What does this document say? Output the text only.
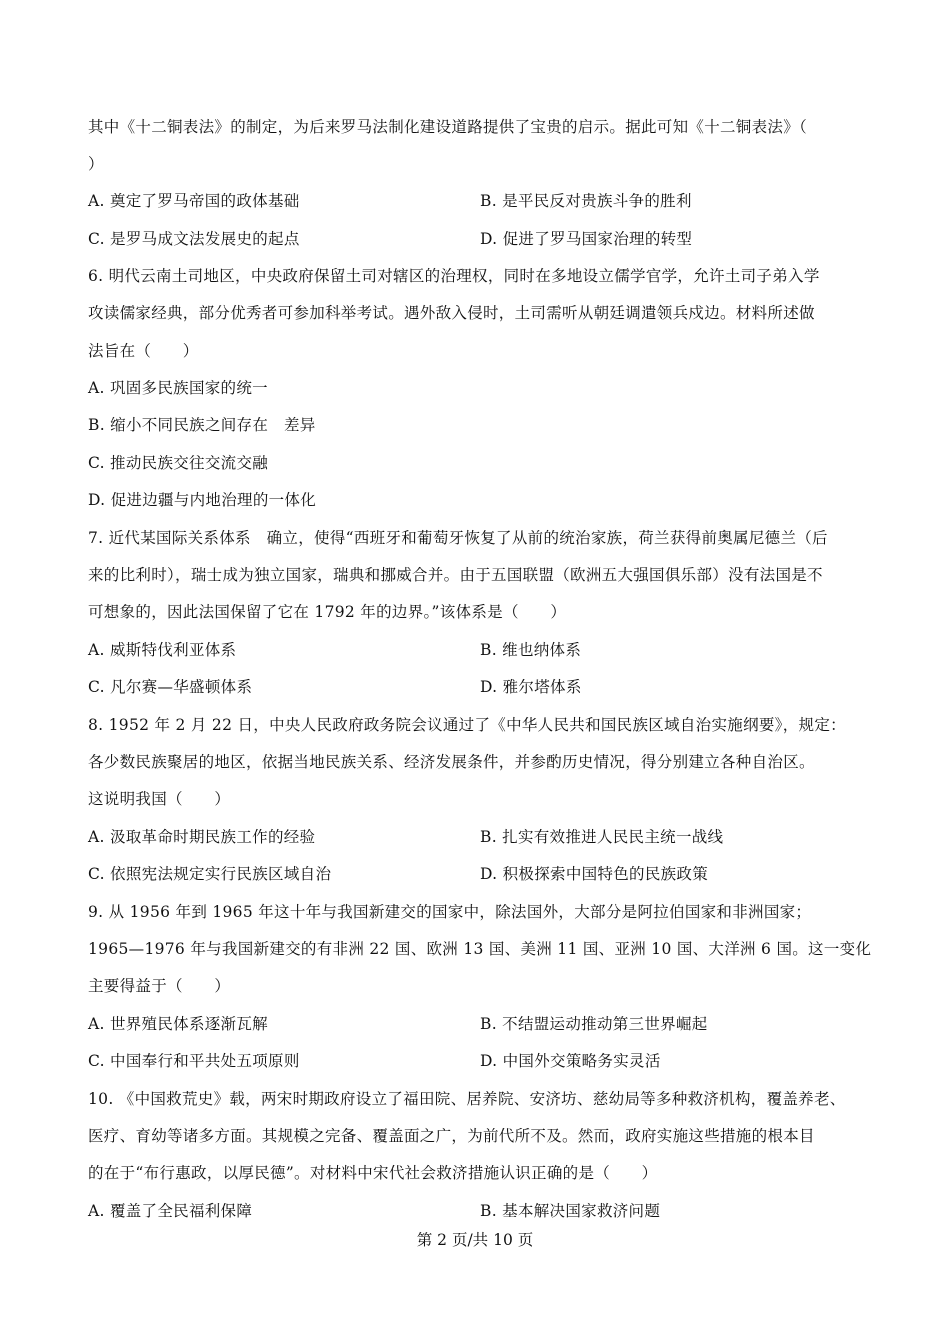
其中《十二铜表法》的制定，为后来罗马法制化建设道路提供了宝贵的启示。据此可知《十二铜表法》（
）
A. 奠定了罗马帝国的政体基础	B. 是平民反对贵族斗争的胜利
C. 是罗马成文法发展史的起点	D. 促进了罗马国家治理的转型
6. 明代云南土司地区，中央政府保留土司对辖区的治理权，同时在多地设立儒学官学，允许土司子弟入学
攻读儒家经典，部分优秀者可参加科举考试。遇外敌入侵时，土司需听从朝廷调遣领兵戍边。材料所述做
法旨在（　　）
A. 巩固多民族国家的统一
B. 缩小不同民族之间存在　差异
C. 推动民族交往交流交融
D. 促进边疆与内地治理的一体化
7. 近代某国际关系体系　确立，使得“西班牙和葡萄牙恢复了从前的统治家族，荷兰获得前奥属尼德兰（后
来的比利时），瑞士成为独立国家，瑞典和挪威合并。由于五国联盟（欧洲五大强国俱乐部）没有法国是不
可想象的，因此法国保留了它在 1792 年的边界。”该体系是（　　）
A. 威斯特伐利亚体系	B. 维也纳体系
C. 凡尔赛—华盛顿体系	D. 雅尔塔体系
8. 1952 年 2 月 22 日，中央人民政府政务院会议通过了《中华人民共和国民族区域自治实施纲要》，规定：
各少数民族聚居的地区，依据当地民族关系、经济发展条件，并参酌历史情况，得分别建立各种自治区。
这说明我国（　　）
A. 汲取革命时期民族工作的经验	B. 扎实有效推进人民民主统一战线
C. 依照宪法规定实行民族区域自治	D. 积极探索中国特色的民族政策
9. 从 1956 年到 1965 年这十年与我国新建交的国家中，除法国外，大部分是阿拉伯国家和非洲国家；
1965—1976 年与我国新建交的有非洲 22 国、欧洲 13 国、美洲 11 国、亚洲 10 国、大洋洲 6 国。这一变化
主要得益于（　　）
A. 世界殖民体系逐渐瓦解	B. 不结盟运动推动第三世界崛起
C. 中国奉行和平共处五项原则	D. 中国外交策略务实灵活
10. 《中国救荒史》载，两宋时期政府设立了福田院、居养院、安济坊、慈幼局等多种救济机构，覆盖养老、
医疗、育幼等诸多方面。其规模之完备、覆盖面之广，为前代所不及。然而，政府实施这些措施的根本目
的在于“布行惠政，以厚民德”。对材料中宋代社会救济措施认识正确的是（　　）
A. 覆盖了全民福利保障	B. 基本解决国家救济问题
第 2 页/共 10 页
